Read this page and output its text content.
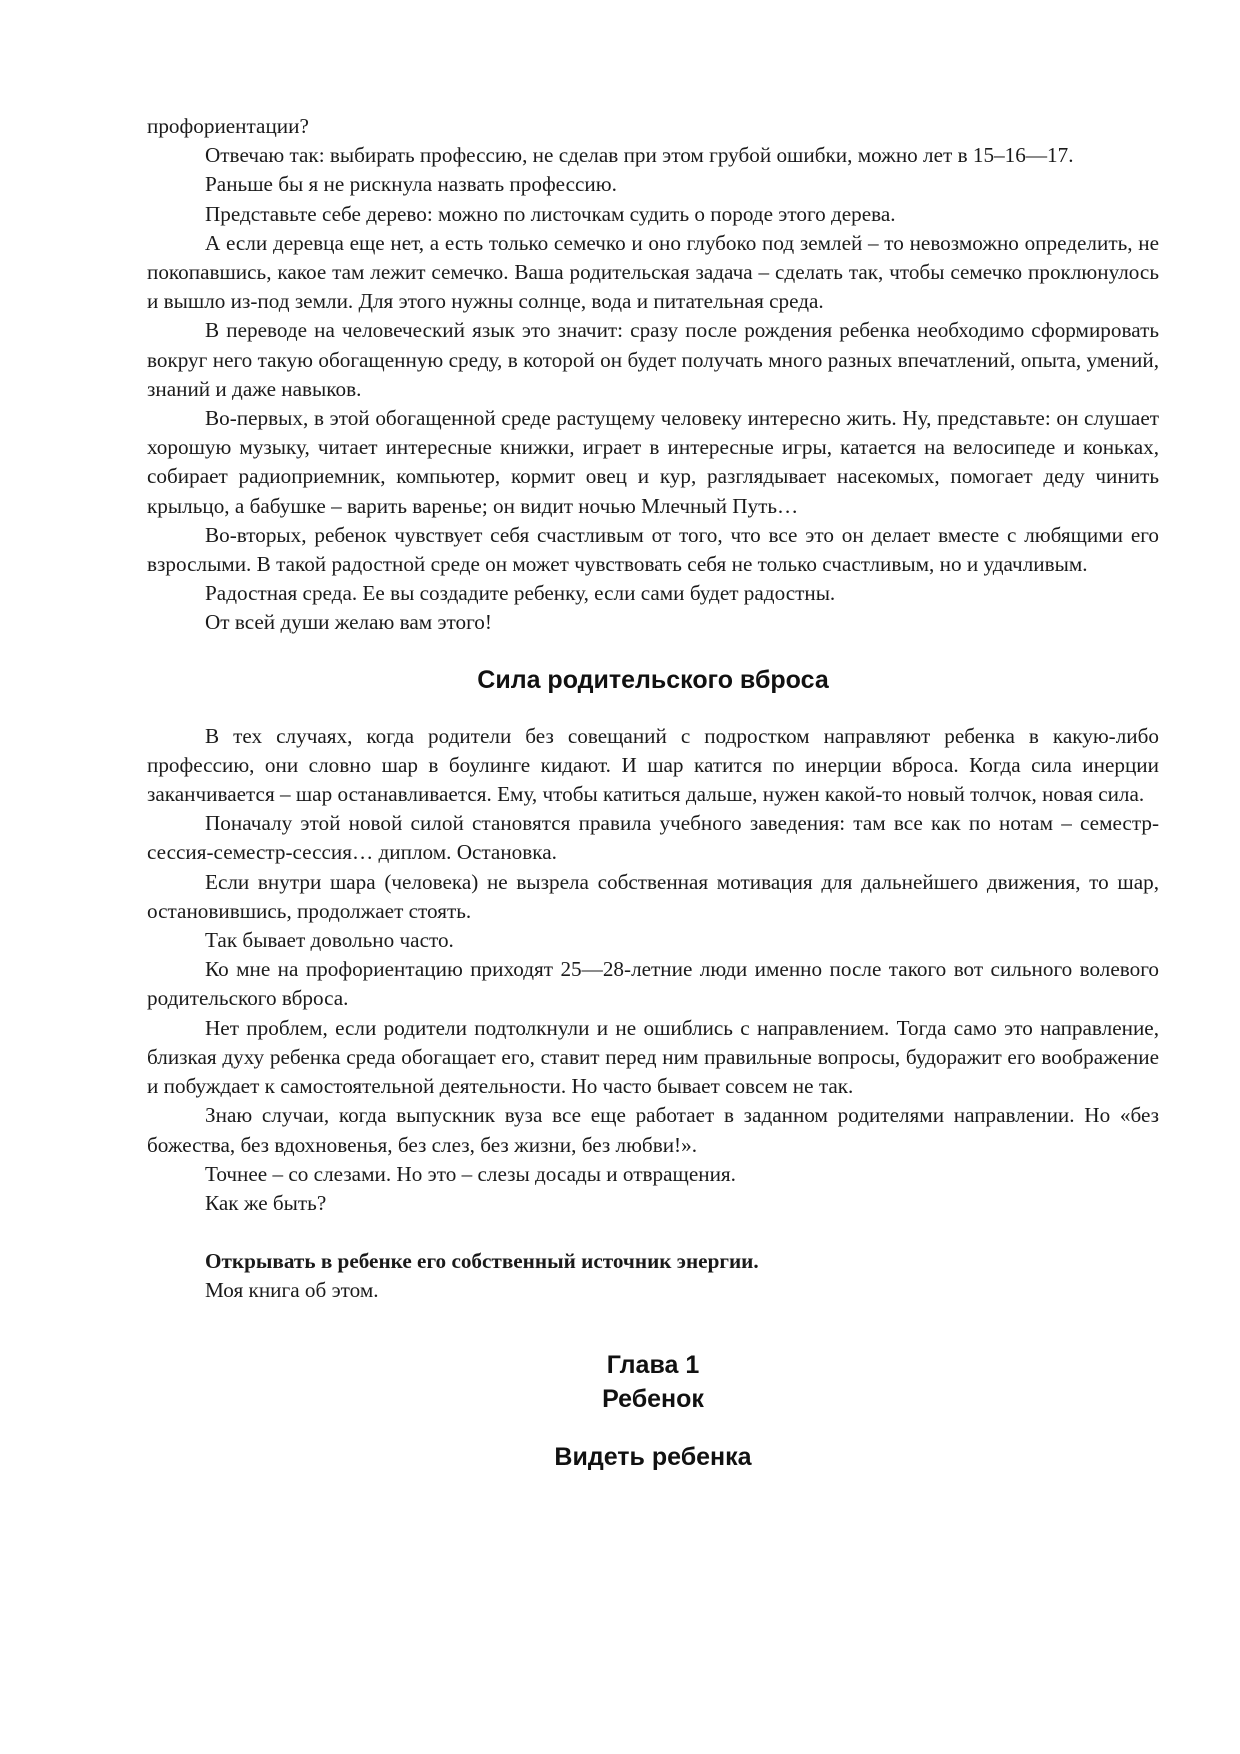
профориентации?

Отвечаю так: выбирать профессию, не сделав при этом грубой ошибки, можно лет в 15–16—17.

Раньше бы я не рискнула назвать профессию.

Представьте себе дерево: можно по листочкам судить о породе этого дерева.

А если деревца еще нет, а есть только семечко и оно глубоко под землей – то невозможно определить, не покопавшись, какое там лежит семечко. Ваша родительская задача – сделать так, чтобы семечко проклюнулось и вышло из-под земли. Для этого нужны солнце, вода и питательная среда.

В переводе на человеческий язык это значит: сразу после рождения ребенка необходимо сформировать вокруг него такую обогащенную среду, в которой он будет получать много разных впечатлений, опыта, умений, знаний и даже навыков.

Во-первых, в этой обогащенной среде растущему человеку интересно жить. Ну, представьте: он слушает хорошую музыку, читает интересные книжки, играет в интересные игры, катается на велосипеде и коньках, собирает радиоприемник, компьютер, кормит овец и кур, разглядывает насекомых, помогает деду чинить крыльцо, а бабушке – варить варенье; он видит ночью Млечный Путь…

Во-вторых, ребенок чувствует себя счастливым от того, что все это он делает вместе с любящими его взрослыми. В такой радостной среде он может чувствовать себя не только счастливым, но и удачливым.

Радостная среда. Ее вы создадите ребенку, если сами будет радостны.

От всей души желаю вам этого!

Сила родительского вброса

В тех случаях, когда родители без совещаний с подростком направляют ребенка в какую-либо профессию, они словно шар в боулинге кидают. И шар катится по инерции вброса. Когда сила инерции заканчивается – шар останавливается. Ему, чтобы катиться дальше, нужен какой-то новый толчок, новая сила.

Поначалу этой новой силой становятся правила учебного заведения: там все как по нотам – семестр-сессия-семестр-сессия… диплом. Остановка.

Если внутри шара (человека) не вызрела собственная мотивация для дальнейшего движения, то шар, остановившись, продолжает стоять.

Так бывает довольно часто.

Ко мне на профориентацию приходят 25—28-летние люди именно после такого вот сильного волевого родительского вброса.

Нет проблем, если родители подтолкнули и не ошиблись с направлением. Тогда само это направление, близкая духу ребенка среда обогащает его, ставит перед ним правильные вопросы, будоражит его воображение и побуждает к самостоятельной деятельности. Но часто бывает совсем не так.

Знаю случаи, когда выпускник вуза все еще работает в заданном родителями направлении. Но «без божества, без вдохновенья, без слез, без жизни, без любви!».

Точнее – со слезами. Но это – слезы досады и отвращения.

Как же быть?

Открывать в ребенке его собственный источник энергии.

Моя книга об этом.

Глава 1
Ребенок
Видеть ребенка
